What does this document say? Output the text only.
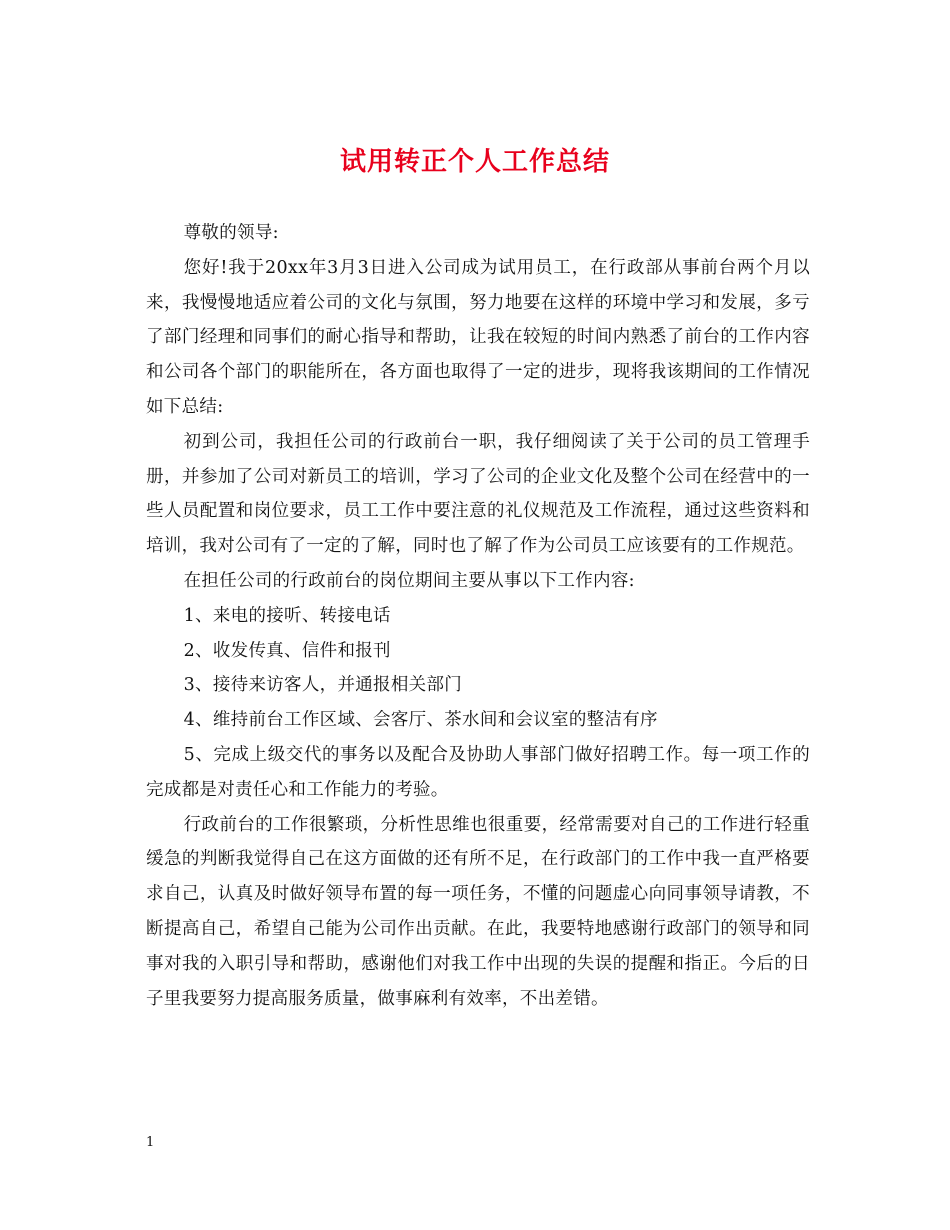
试用转正个人工作总结

尊敬的领导:

您好!我于20xx年3月3日进入公司成为试用员工，在行政部从事前台两个月以来，我慢慢地适应着公司的文化与氛围，努力地要在这样的环境中学习和发展，多亏了部门经理和同事们的耐心指导和帮助，让我在较短的时间内熟悉了前台的工作内容和公司各个部门的职能所在，各方面也取得了一定的进步，现将我该期间的工作情况如下总结:

初到公司，我担任公司的行政前台一职，我仔细阅读了关于公司的员工管理手册，并参加了公司对新员工的培训，学习了公司的企业文化及整个公司在经营中的一些人员配置和岗位要求，员工工作中要注意的礼仪规范及工作流程，通过这些资料和培训，我对公司有了一定的了解，同时也了解了作为公司员工应该要有的工作规范。

在担任公司的行政前台的岗位期间主要从事以下工作内容:

1、来电的接听、转接电话

2、收发传真、信件和报刊

3、接待来访客人，并通报相关部门

4、维持前台工作区域、会客厅、茶水间和会议室的整洁有序

5、完成上级交代的事务以及配合及协助人事部门做好招聘工作。每一项工作的完成都是对责任心和工作能力的考验。

行政前台的工作很繁琐，分析性思维也很重要，经常需要对自己的工作进行轻重缓急的判断我觉得自己在这方面做的还有所不足，在行政部门的工作中我一直严格要求自己，认真及时做好领导布置的每一项任务，不懂的问题虚心向同事领导请教，不断提高自己，希望自己能为公司作出贡献。在此，我要特地感谢行政部门的领导和同事对我的入职引导和帮助，感谢他们对我工作中出现的失误的提醒和指正。今后的日子里我要努力提高服务质量，做事麻利有效率，不出差错。

1
